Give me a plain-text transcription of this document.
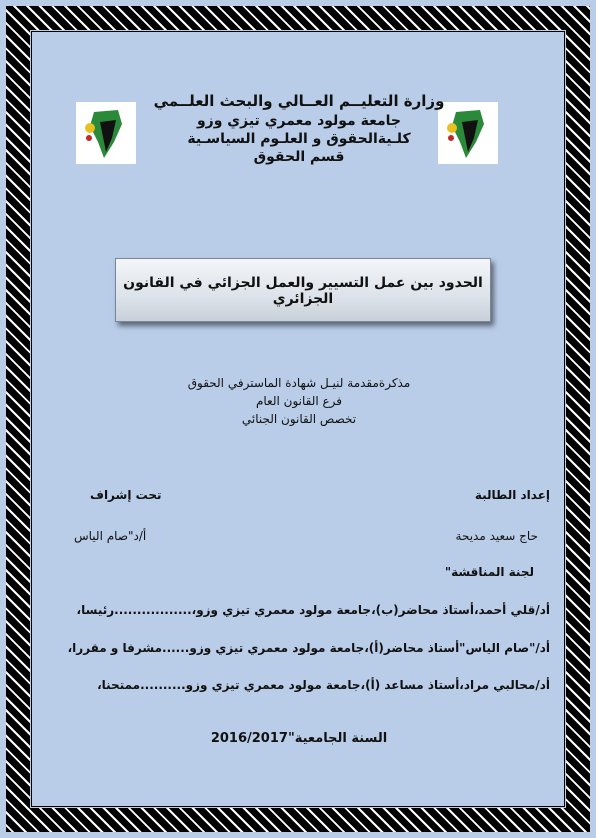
وزارة التعليــم العــالي والبحث العلــمي
جامعة مولود معمري تيزي وزو
كلـيةالحقوق و العلـوم السياسـية
قسم الحقوق
الحدود بين عمل التسيير والعمل الجزائي في القانون الجزائري
مذكرةمقدمة لنيـل شهادة الماسترفي الحقوق
فرع القانون العام
تخصص القانون الجنائي
إعداد الطالبة
تحت إشراف
حاج سعيد مديحة
أ/د"صام الياس
لجنة المناقشة"
أد/قلي أحمد،أستاذ محاضر(ب)،جامعة مولود معمري تيزي وزو،.................رئيسا،
أد/"صام الياس"أستاذ محاضر(أ)،جامعة مولود معمري تيزي وزو......مشرفا و مقررا،
أد/محالبي مراد،أستاذ مساعد (أ)،جامعة مولود معمري تيزي وزو..........ممتحنا،
السنة الجامعية"2016/2017
